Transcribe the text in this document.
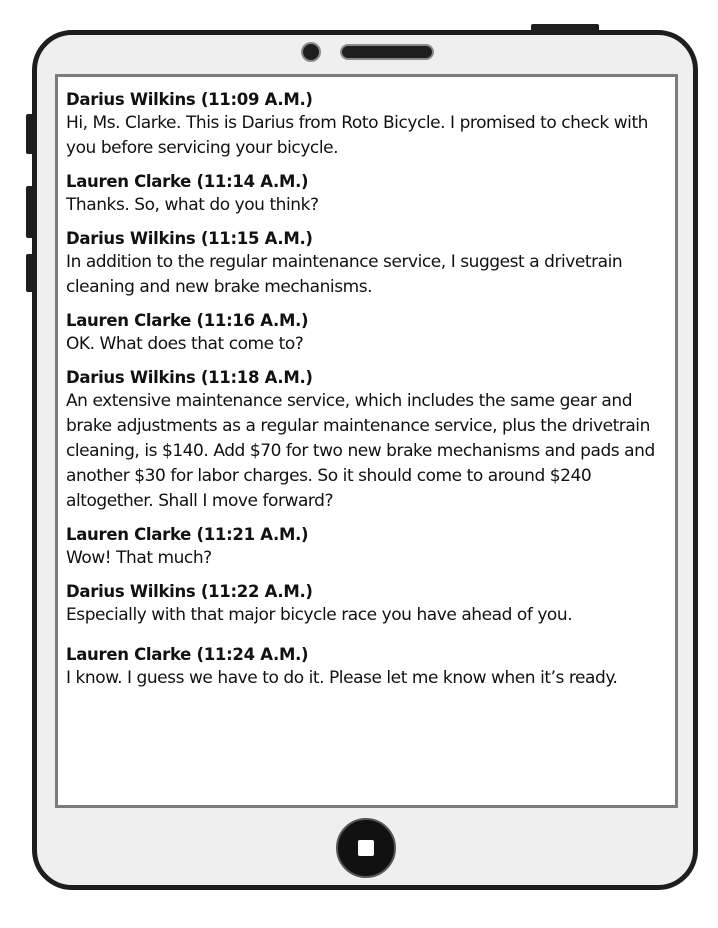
Darius Wilkins (11:09 A.M.)
Hi, Ms. Clarke. This is Darius from Roto Bicycle. I promised to check with you before servicing your bicycle.
Lauren Clarke (11:14 A.M.)
Thanks. So, what do you think?
Darius Wilkins (11:15 A.M.)
In addition to the regular maintenance service, I suggest a drivetrain cleaning and new brake mechanisms.
Lauren Clarke (11:16 A.M.)
OK. What does that come to?
Darius Wilkins (11:18 A.M.)
An extensive maintenance service, which includes the same gear and brake adjustments as a regular maintenance service, plus the drivetrain cleaning, is $140. Add $70 for two new brake mechanisms and pads and another $30 for labor charges. So it should come to around $240 altogether. Shall I move forward?
Lauren Clarke (11:21 A.M.)
Wow! That much?
Darius Wilkins (11:22 A.M.)
Especially with that major bicycle race you have ahead of you.
Lauren Clarke (11:24 A.M.)
I know. I guess we have to do it. Please let me know when it’s ready.
